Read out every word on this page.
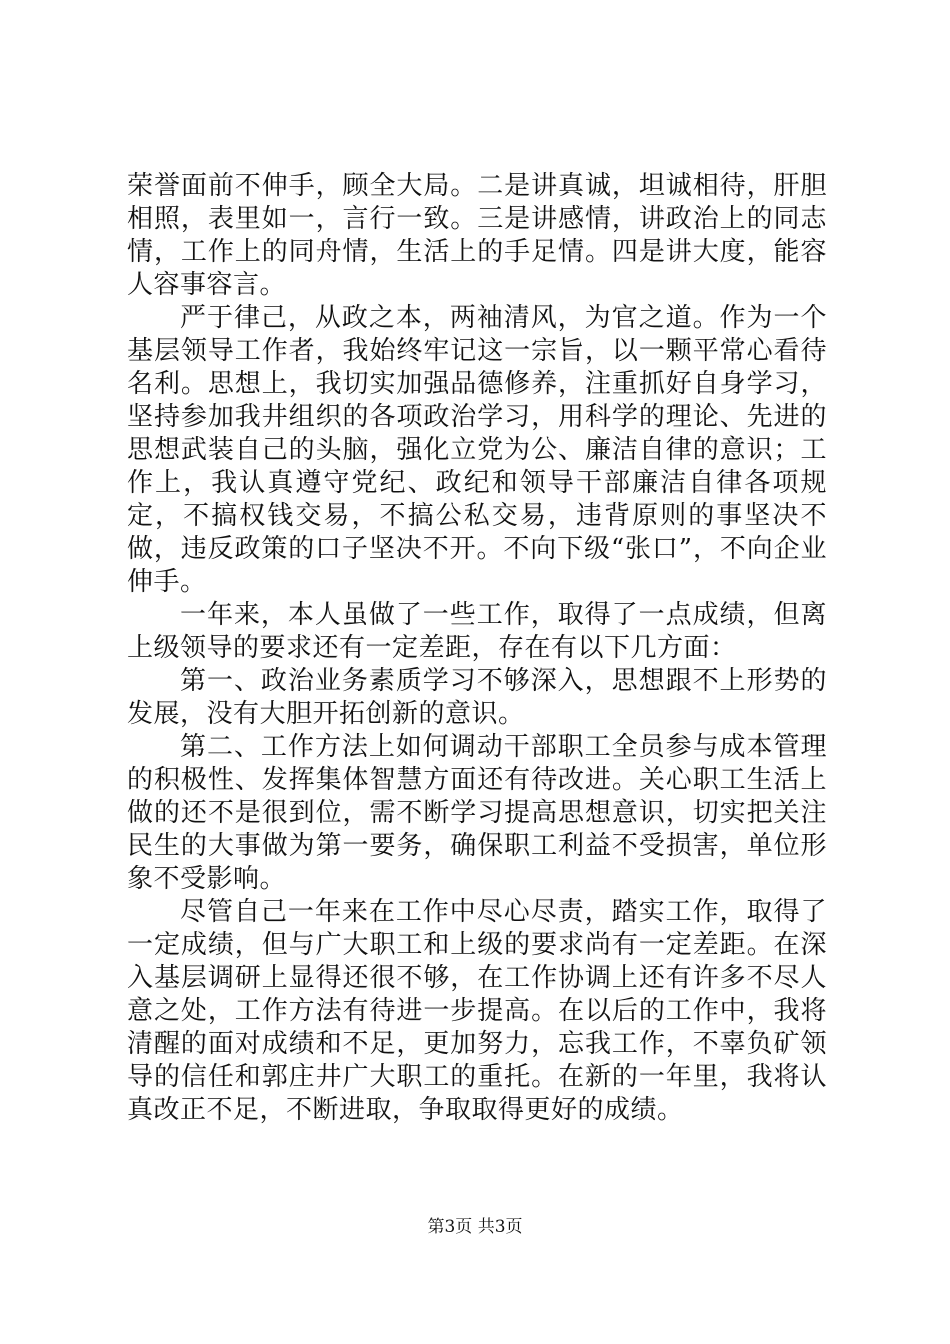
荣誉面前不伸手，顾全大局。二是讲真诚，坦诚相待，肝胆相照，表里如一，言行一致。三是讲感情，讲政治上的同志情，工作上的同舟情，生活上的手足情。四是讲大度，能容人容事容言。

严于律己，从政之本，两袖清风，为官之道。作为一个基层领导工作者，我始终牢记这一宗旨，以一颗平常心看待名利。思想上，我切实加强品德修养，注重抓好自身学习，坚持参加我井组织的各项政治学习，用科学的理论、先进的思想武装自己的头脑，强化立党为公、廉洁自律的意识；工作上，我认真遵守党纪、政纪和领导干部廉洁自律各项规定，不搞权钱交易，不搞公私交易，违背原则的事坚决不做，违反政策的口子坚决不开。不向下级“张口”，不向企业伸手。

一年来，本人虽做了一些工作，取得了一点成绩，但离上级领导的要求还有一定差距，存在有以下几方面：

第一、政治业务素质学习不够深入，思想跟不上形势的发展，没有大胆开拓创新的意识。

第二、工作方法上如何调动干部职工全员参与成本管理的积极性、发挥集体智慧方面还有待改进。关心职工生活上做的还不是很到位，需不断学习提高思想意识，切实把关注民生的大事做为第一要务，确保职工利益不受损害，单位形象不受影响。

尽管自己一年来在工作中尽心尽责，踏实工作，取得了一定成绩，但与广大职工和上级的要求尚有一定差距。在深入基层调研上显得还很不够，在工作协调上还有许多不尽人意之处，工作方法有待进一步提高。在以后的工作中，我将清醒的面对成绩和不足，更加努力，忘我工作，不辜负矿领导的信任和郭庄井广大职工的重托。在新的一年里，我将认真改正不足，不断进取，争取取得更好的成绩。

第3页 共3页
